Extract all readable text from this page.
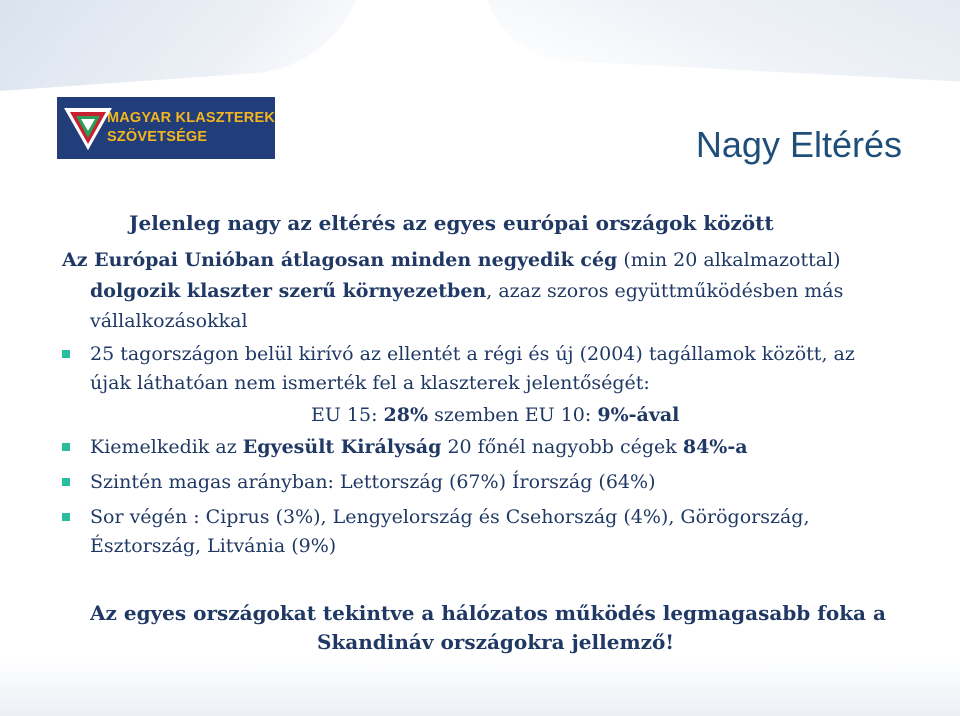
MAGYAR KLASZTEREK
SZÖVETSÉGE	Nagy Eltérés
Jelenleg nagy az eltérés az egyes európai országok között
Az Európai Unióban átlagosan minden negyedik cég (min 20 alkalmazottal)
dolgozik klaszter szerű környezetben, azaz szoros együttműködésben más
vállalkozásokkal
25 tagországon belül kirívó az ellentét a régi és új (2004) tagállamok között, az
újak láthatóan nem ismerték fel a klaszterek jelentőségét:
EU 15: 28% szemben EU 10: 9%-ával
Kiemelkedik az Egyesült Királyság 20 főnél nagyobb cégek 84%-a
Szintén magas arányban: Lettország (67%) Írország (64%)
Sor végén : Ciprus (3%), Lengyelország és Csehország (4%), Görögország,
Észtország, Litvánia (9%)
Az egyes országokat tekintve a hálózatos működés legmagasabb foka a
Skandináv országokra jellemző!
